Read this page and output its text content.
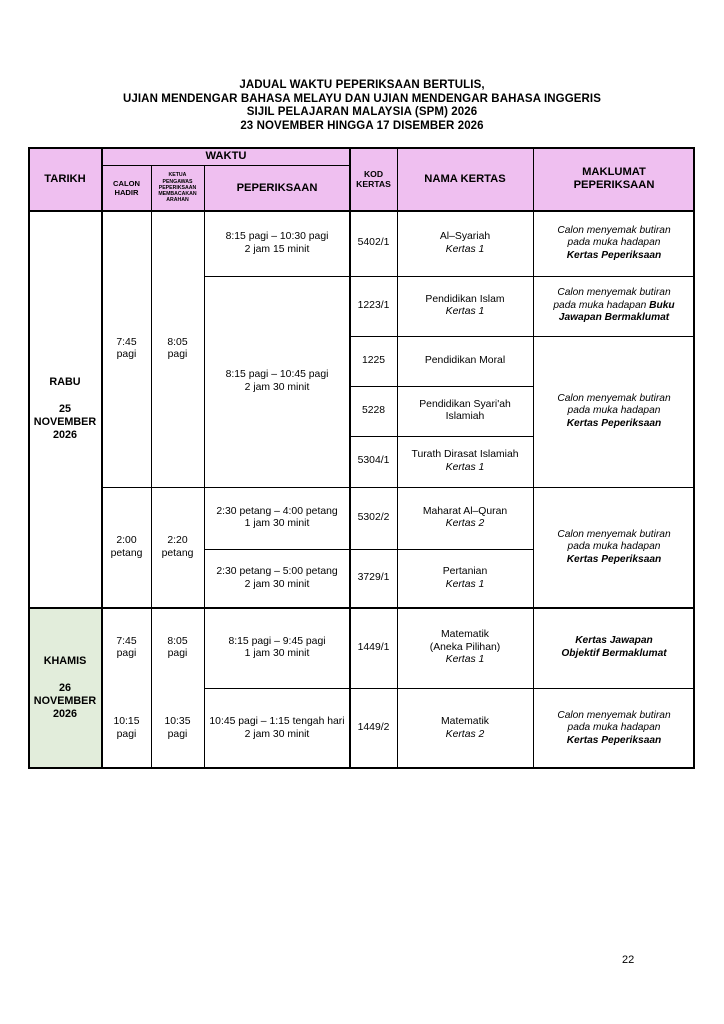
JADUAL WAKTU PEPERIKSAAN BERTULIS,
UJIAN MENDENGAR BAHASA MELAYU DAN UJIAN MENDENGAR BAHASA INGGERIS
SIJIL PELAJARAN MALAYSIA (SPM) 2026
23 NOVEMBER HINGGA 17 DISEMBER 2026
TARIKH
WAKTU
CALON
HADIR
KETUA
PENGAWAS
PEPERIKSAAN
MEMBACAKAN
ARAHAN
PEPERIKSAAN
KOD
KERTAS	NAMA KERTAS
MAKLUMAT
PEPERIKSAAN
RABU
25
NOVEMBER
2026
KHAMIS
26
NOVEMBER
2026
7:45
pagi
2:00
petang
7:45
pagi
10:15
pagi
8:05
pagi
2:20
petang
8:05
pagi
10:35
pagi
8:15 pagi – 10:30 pagi
2 jam 15 minit
8:15 pagi – 10:45 pagi
2 jam 30 minit
2:30 petang – 4:00 petang
1 jam 30 minit
2:30 petang – 5:00 petang
2 jam 30 minit
8:15 pagi – 9:45 pagi
1 jam 30 minit
10:45 pagi – 1:15 tengah hari
2 jam 30 minit
5402/1
Al–Syariah
Kertas 1
1223/1
Pendidikan Islam
Kertas 1
1225	Pendidikan Moral
5228
Pendidikan Syari'ah
Islamiah
5304/1
Turath Dirasat Islamiah
Kertas 1
5302/2
Maharat Al–Quran
Kertas 2
3729/1
Pertanian
Kertas 1
1449/1
Matematik
(Aneka Pilihan)
Kertas 1
1449/2
Matematik
Kertas 2
Calon menyemak butiran
pada muka hadapan
Kertas Peperiksaan
Calon menyemak butiran
pada muka hadapan Buku
Jawapan Bermaklumat
Calon menyemak butiran
pada muka hadapan
Kertas Peperiksaan
Calon menyemak butiran
pada muka hadapan
Kertas Peperiksaan
Kertas Jawapan
Objektif Bermaklumat
Calon menyemak butiran
pada muka hadapan
Kertas Peperiksaan
22
